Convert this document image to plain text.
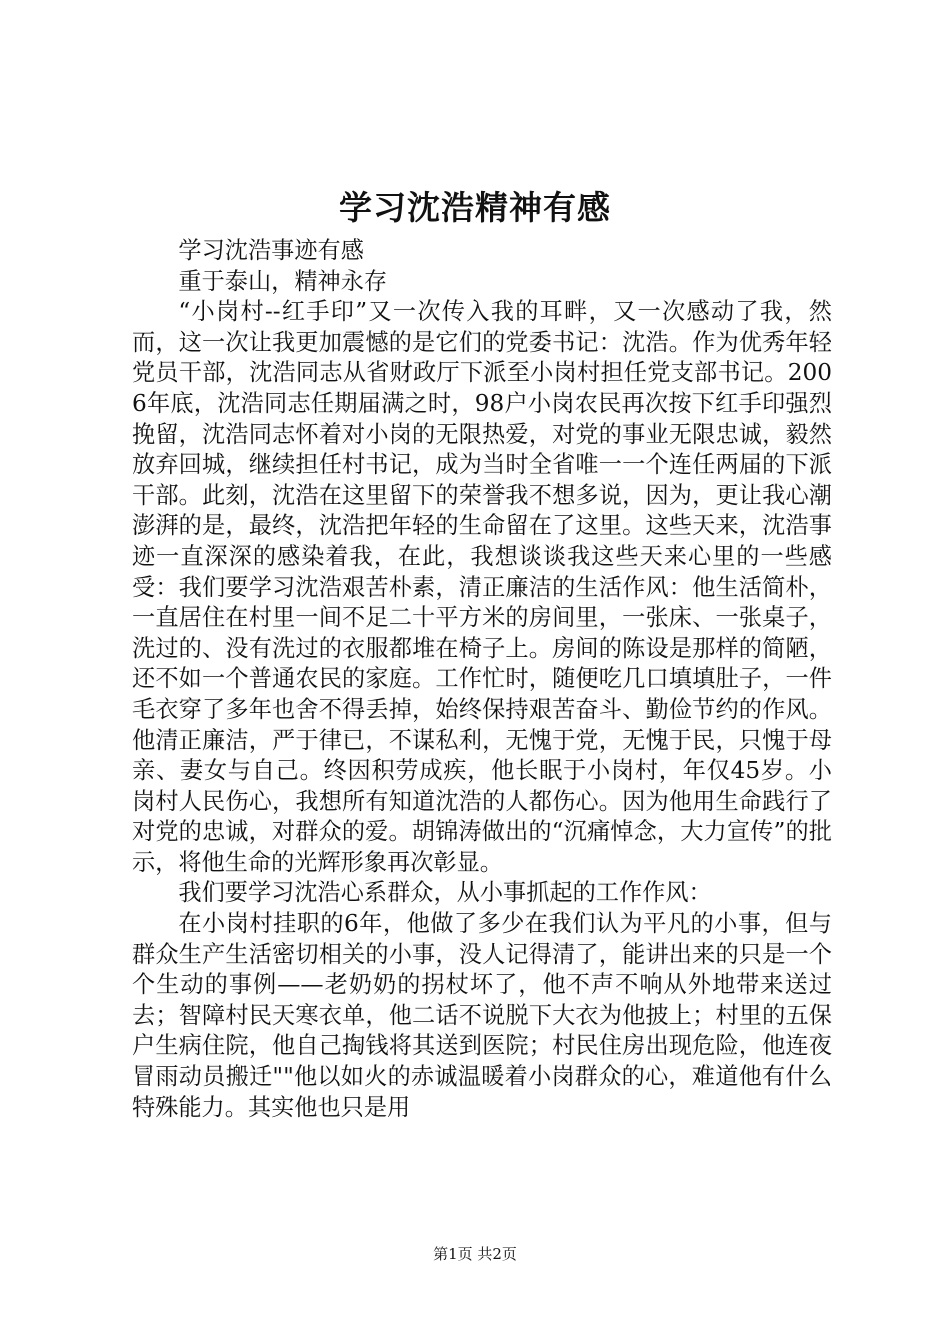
学习沈浩精神有感

学习沈浩事迹有感

重于泰山，精神永存

“小岗村--红手印”又一次传入我的耳畔，又一次感动了我，然而，这一次让我更加震憾的是它们的党委书记：沈浩。作为优秀年轻党员干部，沈浩同志从省财政厅下派至小岗村担任党支部书记。2006年底，沈浩同志任期届满之时，98户小岗农民再次按下红手印强烈挽留，沈浩同志怀着对小岗的无限热爱，对党的事业无限忠诚，毅然放弃回城，继续担任村书记，成为当时全省唯一一个连任两届的下派干部。此刻，沈浩在这里留下的荣誉我不想多说，因为，更让我心潮澎湃的是，最终，沈浩把年轻的生命留在了这里。这些天来，沈浩事迹一直深深的感染着我，在此，我想谈谈我这些天来心里的一些感受：我们要学习沈浩艰苦朴素，清正廉洁的生活作风：他生活简朴，一直居住在村里一间不足二十平方米的房间里，一张床、一张桌子，洗过的、没有洗过的衣服都堆在椅子上。房间的陈设是那样的简陋，还不如一个普通农民的家庭。工作忙时，随便吃几口填填肚子，一件毛衣穿了多年也舍不得丢掉，始终保持艰苦奋斗、勤俭节约的作风。他清正廉洁，严于律已，不谋私利，无愧于党，无愧于民，只愧于母亲、妻女与自己。终因积劳成疾，他长眠于小岗村，年仅45岁。小岗村人民伤心，我想所有知道沈浩的人都伤心。因为他用生命践行了对党的忠诚，对群众的爱。胡锦涛做出的“沉痛悼念，大力宣传”的批示，将他生命的光辉形象再次彰显。

我们要学习沈浩心系群众，从小事抓起的工作作风：

在小岗村挂职的6年，他做了多少在我们认为平凡的小事，但与群众生产生活密切相关的小事，没人记得清了，能讲出来的只是一个个生动的事例——老奶奶的拐杖坏了，他不声不响从外地带来送过去；智障村民天寒衣单，他二话不说脱下大衣为他披上；村里的五保户生病住院，他自己掏钱将其送到医院；村民住房出现危险，他连夜冒雨动员搬迁""他以如火的赤诚温暖着小岗群众的心，难道他有什么特殊能力。其实他也只是用

第1页 共2页
